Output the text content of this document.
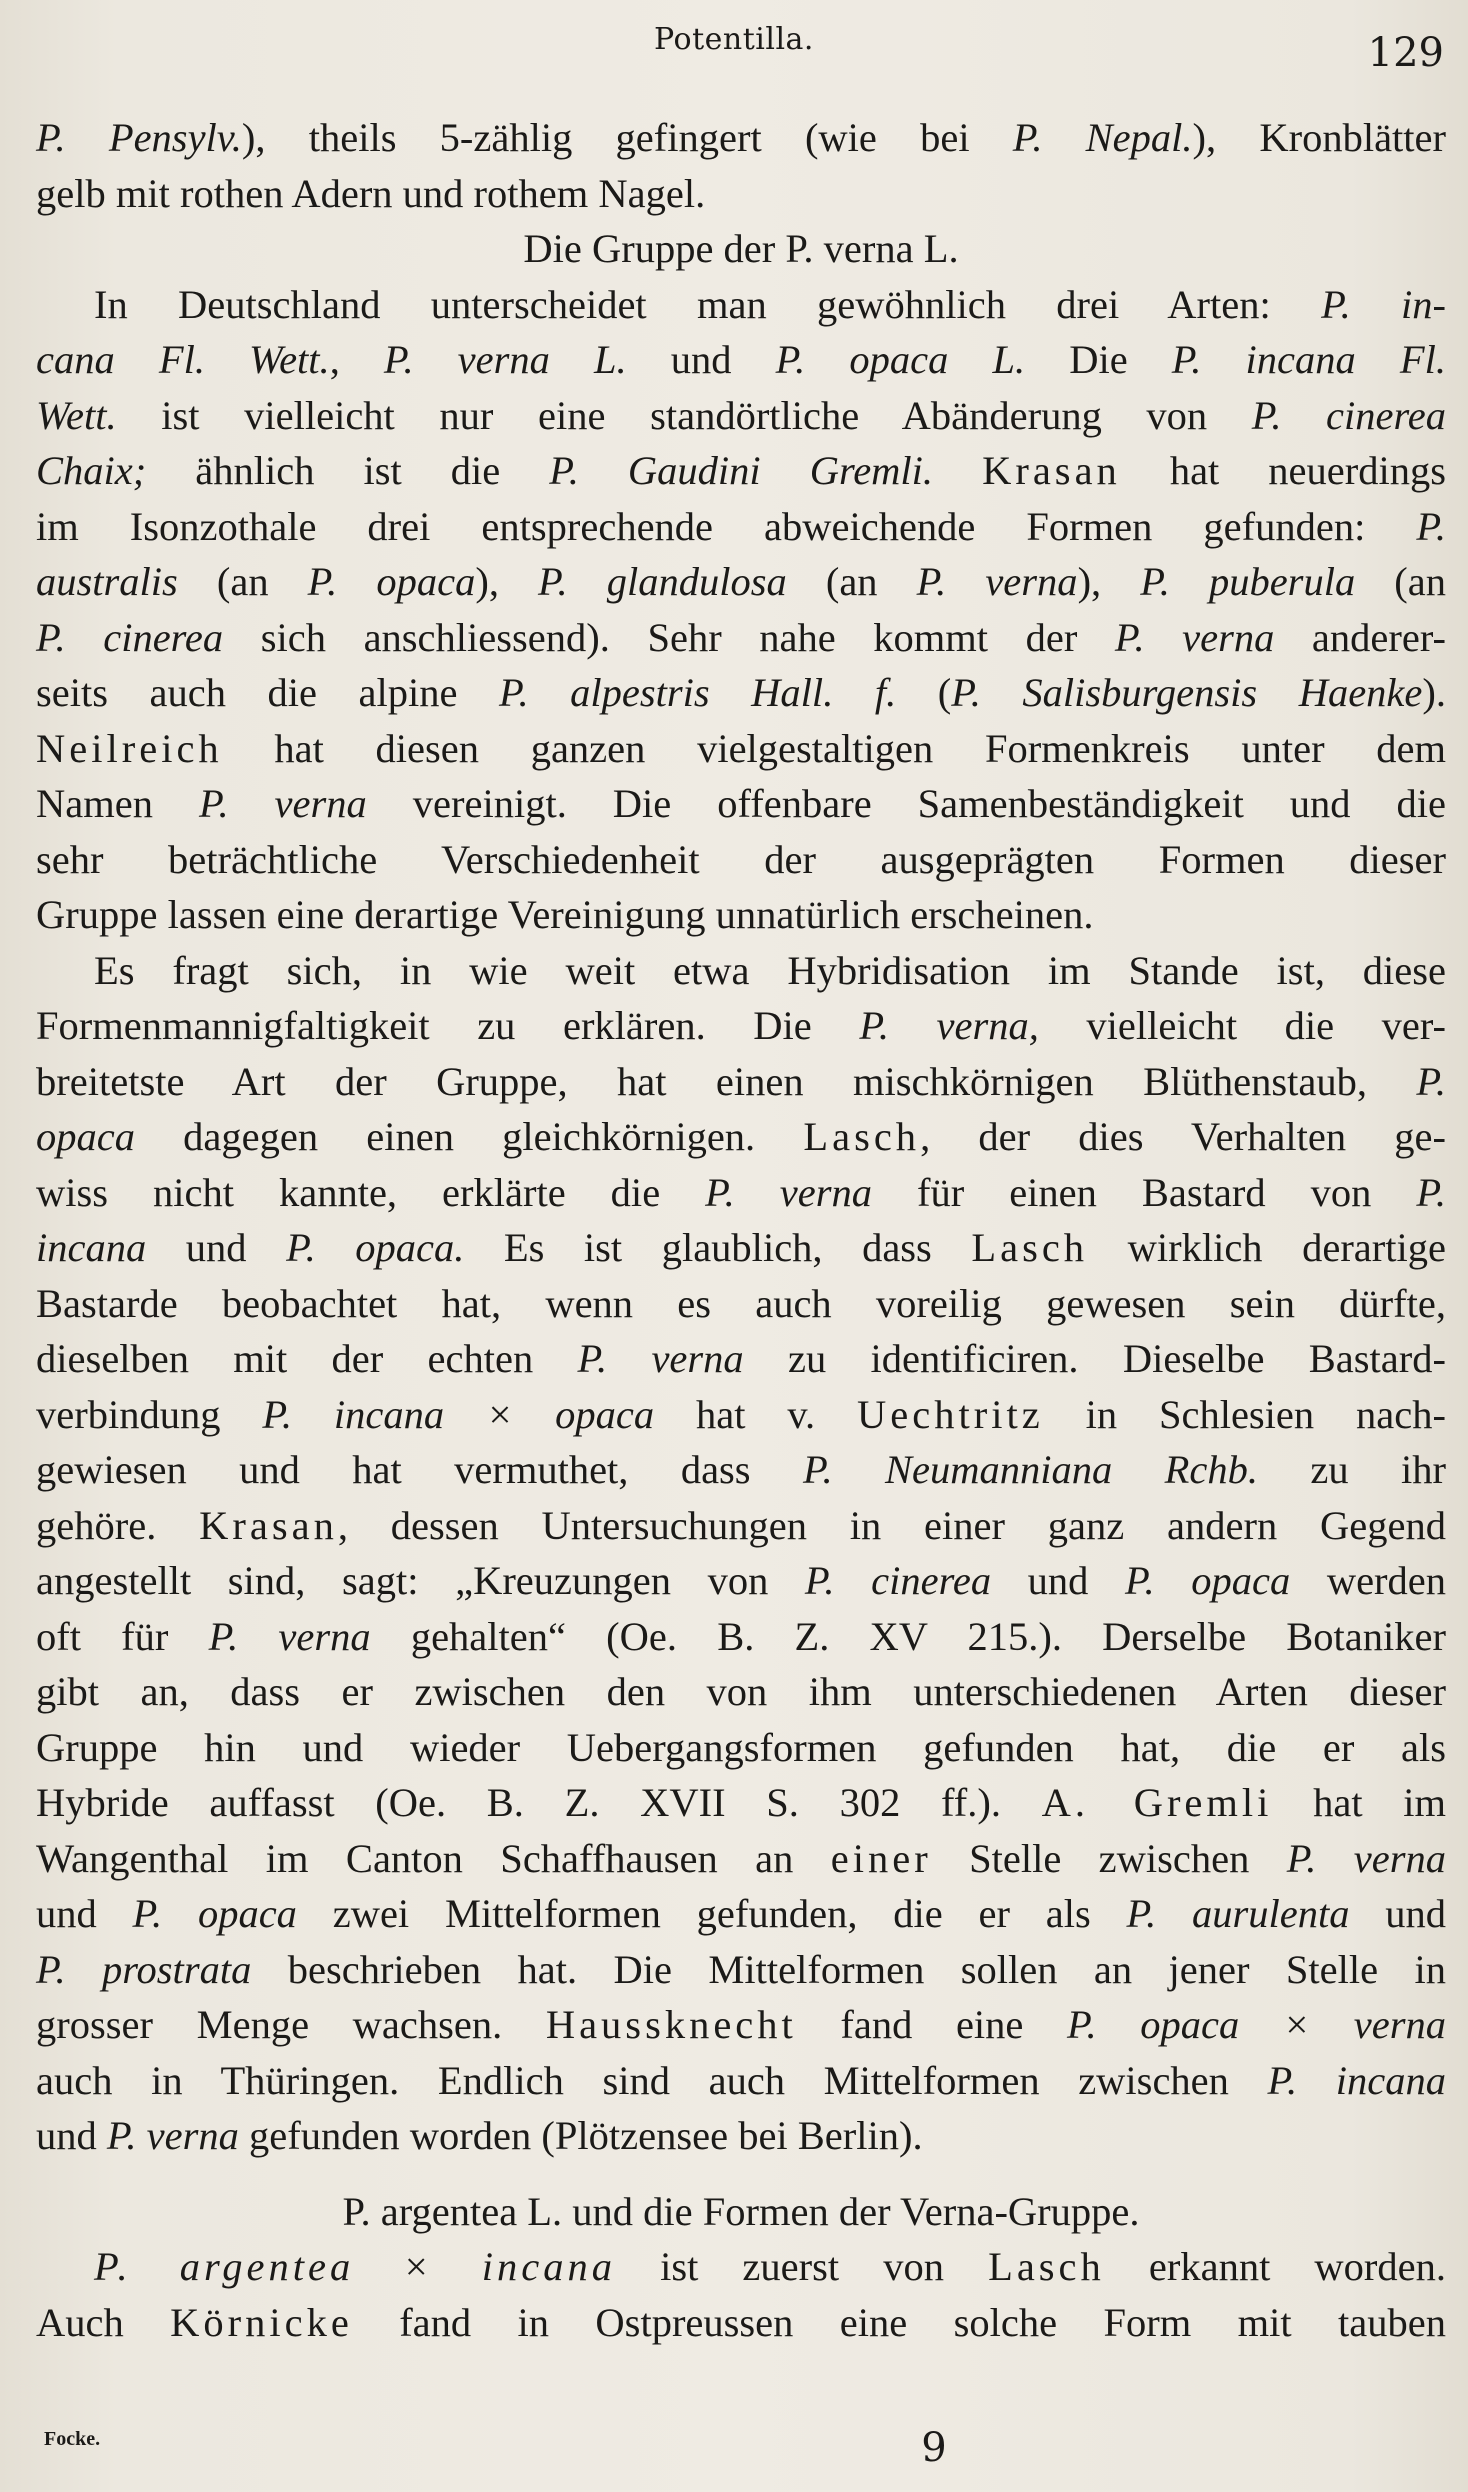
Potentilla.	129
P. Pensylv.), theils 5-zählig gefingert (wie bei P. Nepal.), Kronblätter
gelb mit rothen Adern und rothem Nagel.
Die Gruppe der P. verna L.
In Deutschland unterscheidet man gewöhnlich drei Arten: P. in-
cana Fl. Wett., P. verna L. und P. opaca L. Die P. incana Fl.
Wett. ist vielleicht nur eine standörtliche Abänderung von P. cinerea
Chaix; ähnlich ist die P. Gaudini Gremli. Krasan hat neuerdings
im Isonzothale drei entsprechende abweichende Formen gefunden: P.
australis (an P. opaca), P. glandulosa (an P. verna), P. puberula (an
P. cinerea sich anschliessend). Sehr nahe kommt der P. verna anderer-
seits auch die alpine P. alpestris Hall. f. (P. Salisburgensis Haenke).
Neilreich hat diesen ganzen vielgestaltigen Formenkreis unter dem
Namen P. verna vereinigt. Die offenbare Samenbeständigkeit und die
sehr beträchtliche Verschiedenheit der ausgeprägten Formen dieser
Gruppe lassen eine derartige Vereinigung unnatürlich erscheinen.
Es fragt sich, in wie weit etwa Hybridisation im Stande ist, diese
Formenmannigfaltigkeit zu erklären. Die P. verna, vielleicht die ver-
breitetste Art der Gruppe, hat einen mischkörnigen Blüthenstaub, P.
opaca dagegen einen gleichkörnigen. Lasch, der dies Verhalten ge-
wiss nicht kannte, erklärte die P. verna für einen Bastard von P.
incana und P. opaca. Es ist glaublich, dass Lasch wirklich derartige
Bastarde beobachtet hat, wenn es auch voreilig gewesen sein dürfte,
dieselben mit der echten P. verna zu identificiren. Dieselbe Bastard-
verbindung P. incana × opaca hat v. Uechtritz in Schlesien nach-
gewiesen und hat vermuthet, dass P. Neumanniana Rchb. zu ihr
gehöre. Krasan, dessen Untersuchungen in einer ganz andern Gegend
angestellt sind, sagt: „Kreuzungen von P. cinerea und P. opaca werden
oft für P. verna gehalten“ (Oe. B. Z. XV 215.). Derselbe Botaniker
gibt an, dass er zwischen den von ihm unterschiedenen Arten dieser
Gruppe hin und wieder Uebergangsformen gefunden hat, die er als
Hybride auffasst (Oe. B. Z. XVII S. 302 ff.). A. Gremli hat im
Wangenthal im Canton Schaffhausen an einer Stelle zwischen P. verna
und P. opaca zwei Mittelformen gefunden, die er als P. aurulenta und
P. prostrata beschrieben hat. Die Mittelformen sollen an jener Stelle in
grosser Menge wachsen. Haussknecht fand eine P. opaca × verna
auch in Thüringen. Endlich sind auch Mittelformen zwischen P. incana
und P. verna gefunden worden (Plötzensee bei Berlin).
P. argentea L. und die Formen der Verna-Gruppe.
P. argentea × incana ist zuerst von Lasch erkannt worden.
Auch Körnicke fand in Ostpreussen eine solche Form mit tauben
Focke.	9
